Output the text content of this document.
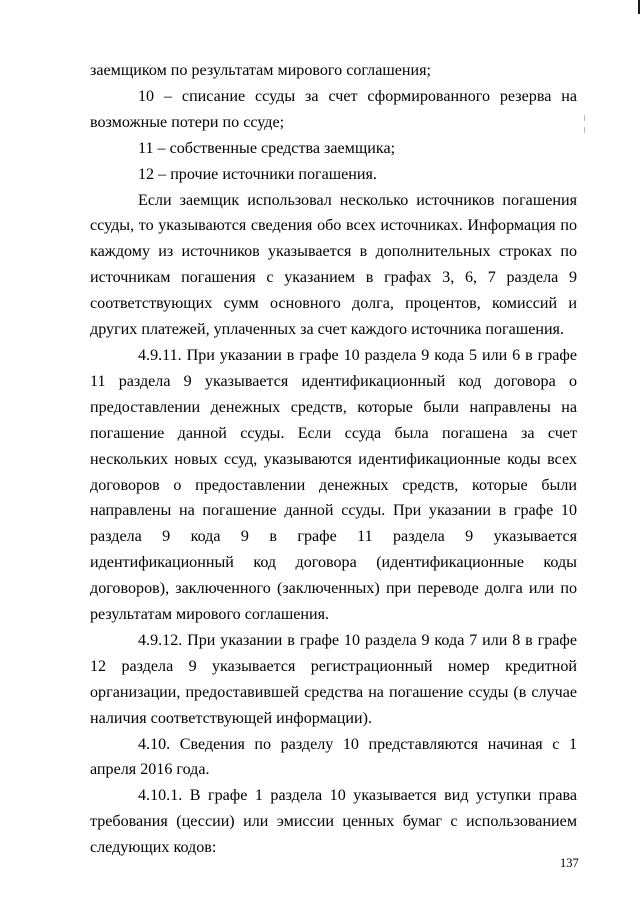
заемщиком по результатам мирового соглашения;

10 – списание ссуды за счет сформированного резерва на возможные потери по ссуде;

11 – собственные средства заемщика;

12 – прочие источники погашения.

Если заемщик использовал несколько источников погашения ссуды, то указываются сведения обо всех источниках. Информация по каждому из источников указывается в дополнительных строках по источникам погашения с указанием в графах 3, 6, 7 раздела 9 соответствующих сумм основного долга, процентов, комиссий и других платежей, уплаченных за счет каждого источника погашения.

4.9.11. При указании в графе 10 раздела 9 кода 5 или 6 в графе 11 раздела 9 указывается идентификационный код договора о предоставлении денежных средств, которые были направлены на погашение данной ссуды. Если ссуда была погашена за счет нескольких новых ссуд, указываются идентификационные коды всех договоров о предоставлении денежных средств, которые были направлены на погашение данной ссуды. При указании в графе 10 раздела 9 кода 9 в графе 11 раздела 9 указывается идентификационный код договора (идентификационные коды договоров), заключенного (заключенных) при переводе долга или по результатам мирового соглашения.

4.9.12. При указании в графе 10 раздела 9 кода 7 или 8 в графе 12 раздела 9 указывается регистрационный номер кредитной организации, предоставившей средства на погашение ссуды (в случае наличия соответствующей информации).

4.10. Сведения по разделу 10 представляются начиная с 1 апреля 2016 года.

4.10.1. В графе 1 раздела 10 указывается вид уступки права требования (цессии) или эмиссии ценных бумаг с использованием следующих кодов:

137
